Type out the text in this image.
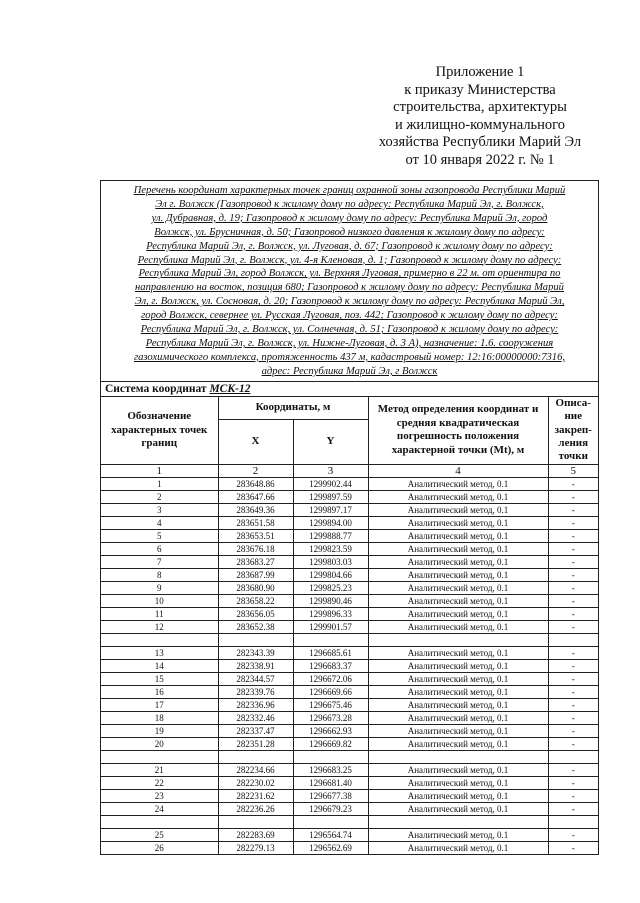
Приложение 1
к приказу Министерства
строительства, архитектуры
и жилищно-коммунального
хозяйства Республики Марий Эл
от 10 января 2022 г. № 1
Перечень координат характерных точек границ охранной зоны газопровода Республики Марий
Эл г. Волжск (Газопровод к жилому дому по адресу: Республика Марий Эл, г. Волжск,
ул. Дубравная, д. 19; Газопровод к жилому дому по адресу: Республика Марий Эл, город
Волжск, ул. Брусничная, д. 50; Газопровод низкого давления к жилому дому по адресу:
Республика Марий Эл, г. Волжск, ул. Луговая, д. 67; Газопровод к жилому дому по адресу:
Республика Марий Эл, г. Волжск, ул. 4-я Кленовая, д. 1; Газопровод к жилому дому по адресу:
Республика Марий Эл, город Волжск, ул. Верхняя Луговая, примерно в 22 м. от ориентира по
направлению на восток, позиция 680; Газопровод к жилому дому по адресу: Республика Марий
Эл, г. Волжск, ул. Сосновая, д. 20; Газопровод к жилому дому по адресу: Республика Марий Эл,
город Волжск, севернее ул. Русская Луговая, поз. 442; Газопровод к жилому дому по адресу:
Республика Марий Эл, г. Волжск, ул. Солнечная, д. 51; Газопровод к жилому дому по адресу:
Республика Марий Эл, г. Волжск, ул. Нижне-Луговая, д. 3 А), назначение: 1.6. сооружения
газохимического комплекса, протяженность 437 м, кадастровый номер: 12:16:00000000:7316,
адрес: Республика Марий Эл, г Волжск
Система координат МСК-12
Обозначение характерных точек границ	Координаты, м		Метод определения координат и средняя квадратическая погрешность положения характерной точки (Mt), м	Описа-ние закреп-ления точки
	X	Y		
1	2	3	4	5
1	283648.86	1299902.44	Аналитический метод, 0.1	-
2	283647.66	1299897.59	Аналитический метод, 0.1	-
3	283649.36	1299897.17	Аналитический метод, 0.1	-
4	283651.58	1299894.00	Аналитический метод, 0.1	-
5	283653.51	1299888.77	Аналитический метод, 0.1	-
6	283676.18	1299823.59	Аналитический метод, 0.1	-
7	283683.27	1299803.03	Аналитический метод, 0.1	-
8	283687.99	1299804.66	Аналитический метод, 0.1	-
9	283680.90	1299825.23	Аналитический метод, 0.1	-
10	283658.22	1299890.46	Аналитический метод, 0.1	-
11	283656.05	1299896.33	Аналитический метод, 0.1	-
12	283652.38	1299901.57	Аналитический метод, 0.1	-

13	282343.39	1296685.61	Аналитический метод, 0.1	-
14	282338.91	1296683.37	Аналитический метод, 0.1	-
15	282344.57	1296672.06	Аналитический метод, 0.1	-
16	282339.76	1296669.66	Аналитический метод, 0.1	-
17	282336.96	1296675.46	Аналитический метод, 0.1	-
18	282332.46	1296673.28	Аналитический метод, 0.1	-
19	282337.47	1296662.93	Аналитический метод, 0.1	-
20	282351.28	1296669.82	Аналитический метод, 0.1	-

21	282234.66	1296683.25	Аналитический метод, 0.1	-
22	282230.02	1296681.40	Аналитический метод, 0.1	-
23	282231.62	1296677.38	Аналитический метод, 0.1	-
24	282236.26	1296679.23	Аналитический метод, 0.1	-

25	282283.69	1296564.74	Аналитический метод, 0.1	-
26	282279.13	1296562.69	Аналитический метод, 0.1	-
